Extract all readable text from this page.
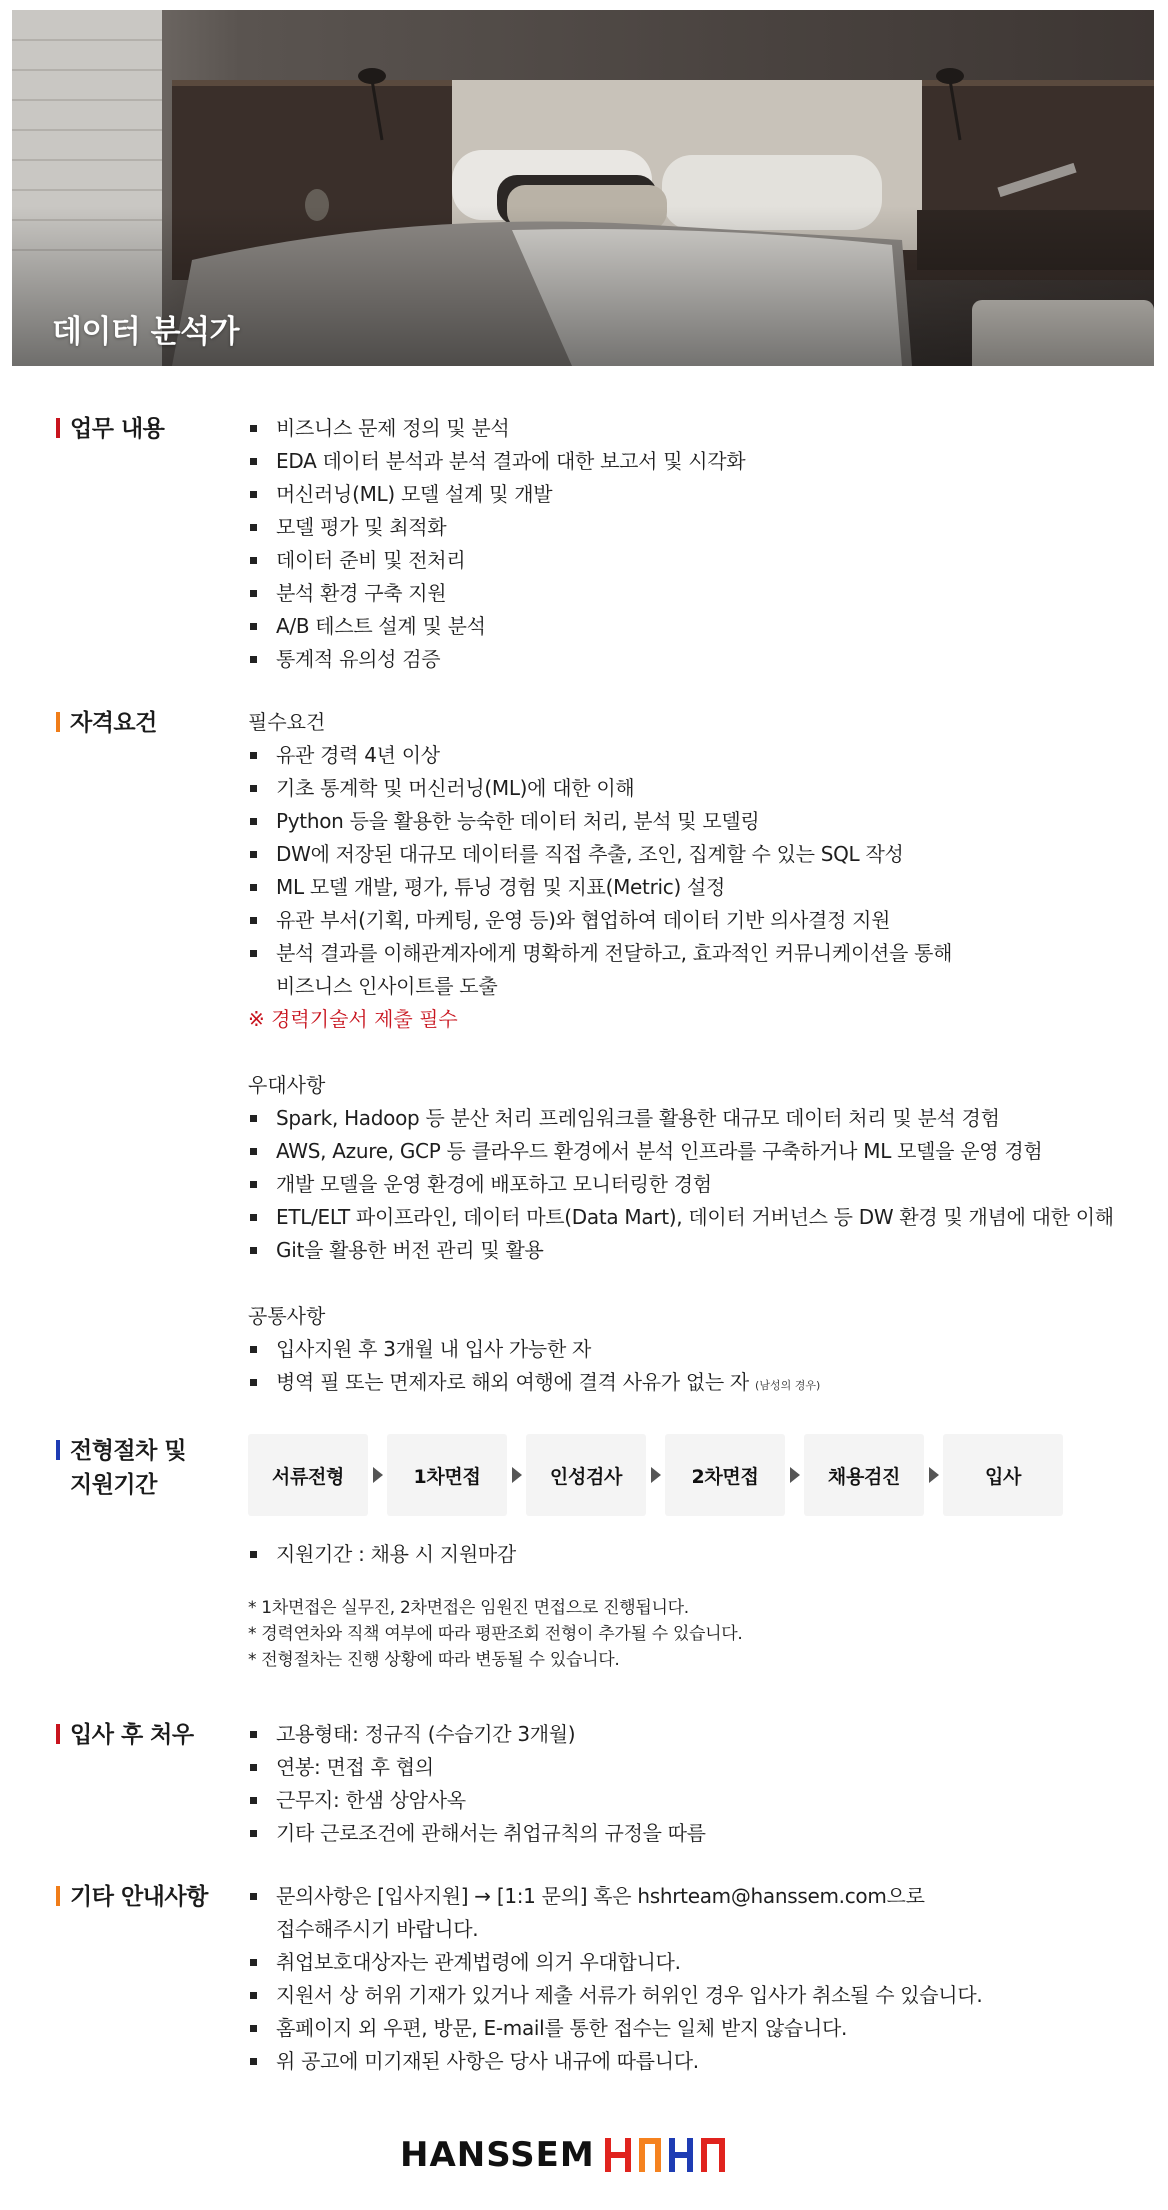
데이터 분석가
업무 내용	비즈니스 문제 정의 및 분석
EDA 데이터 분석과 분석 결과에 대한 보고서 및 시각화
머신러닝(ML) 모델 설계 및 개발
모델 평가 및 최적화
데이터 준비 및 전처리
분석 환경 구축 지원
A/B 테스트 설계 및 분석
통계적 유의성 검증
자격요건	필수요건
유관 경력 4년 이상
기초 통계학 및 머신러닝(ML)에 대한 이해
Python 등을 활용한 능숙한 데이터 처리, 분석 및 모델링
DW에 저장된 대규모 데이터를 직접 추출, 조인, 집계할 수 있는 SQL 작성
ML 모델 개발, 평가, 튜닝 경험 및 지표(Metric) 설정
유관 부서(기획, 마케팅, 운영 등)와 협업하여 데이터 기반 의사결정 지원
분석 결과를 이해관계자에게 명확하게 전달하고, 효과적인 커뮤니케이션을 통해
비즈니스 인사이트를 도출
※ 경력기술서 제출 필수
우대사항
Spark, Hadoop 등 분산 처리 프레임워크를 활용한 대규모 데이터 처리 및 분석 경험
AWS, Azure, GCP 등 클라우드 환경에서 분석 인프라를 구축하거나 ML 모델을 운영 경험
개발 모델을 운영 환경에 배포하고 모니터링한 경험
ETL/ELT 파이프라인, 데이터 마트(Data Mart), 데이터 거버넌스 등 DW 환경 및 개념에 대한 이해
Git을 활용한 버전 관리 및 활용
공통사항
입사지원 후 3개월 내 입사 가능한 자
병역 필 또는 면제자로 해외 여행에 결격 사유가 없는 자 (남성의 경우)
전형절차 및
지원기간	서류전형	1차면접	인성검사	2차면접	채용검진	입사
지원기간 : 채용 시 지원마감
* 1차면접은 실무진, 2차면접은 임원진 면접으로 진행됩니다.
* 경력연차와 직책 여부에 따라 평판조회 전형이 추가될 수 있습니다.
* 전형절차는 진행 상황에 따라 변동될 수 있습니다.
입사 후 처우	고용형태: 정규직 (수습기간 3개월)
연봉: 면접 후 협의
근무지: 한샘 상암사옥
기타 근로조건에 관해서는 취업규칙의 규정을 따름
기타 안내사항	문의사항은 [입사지원] → [1:1 문의] 혹은 hshrteam@hanssem.com으로
접수해주시기 바랍니다.
취업보호대상자는 관계법령에 의거 우대합니다.
지원서 상 허위 기재가 있거나 제출 서류가 허위인 경우 입사가 취소될 수 있습니다.
홈페이지 외 우편, 방문, E-mail를 통한 접수는 일체 받지 않습니다.
위 공고에 미기재된 사항은 당사 내규에 따릅니다.
HANSSEM
